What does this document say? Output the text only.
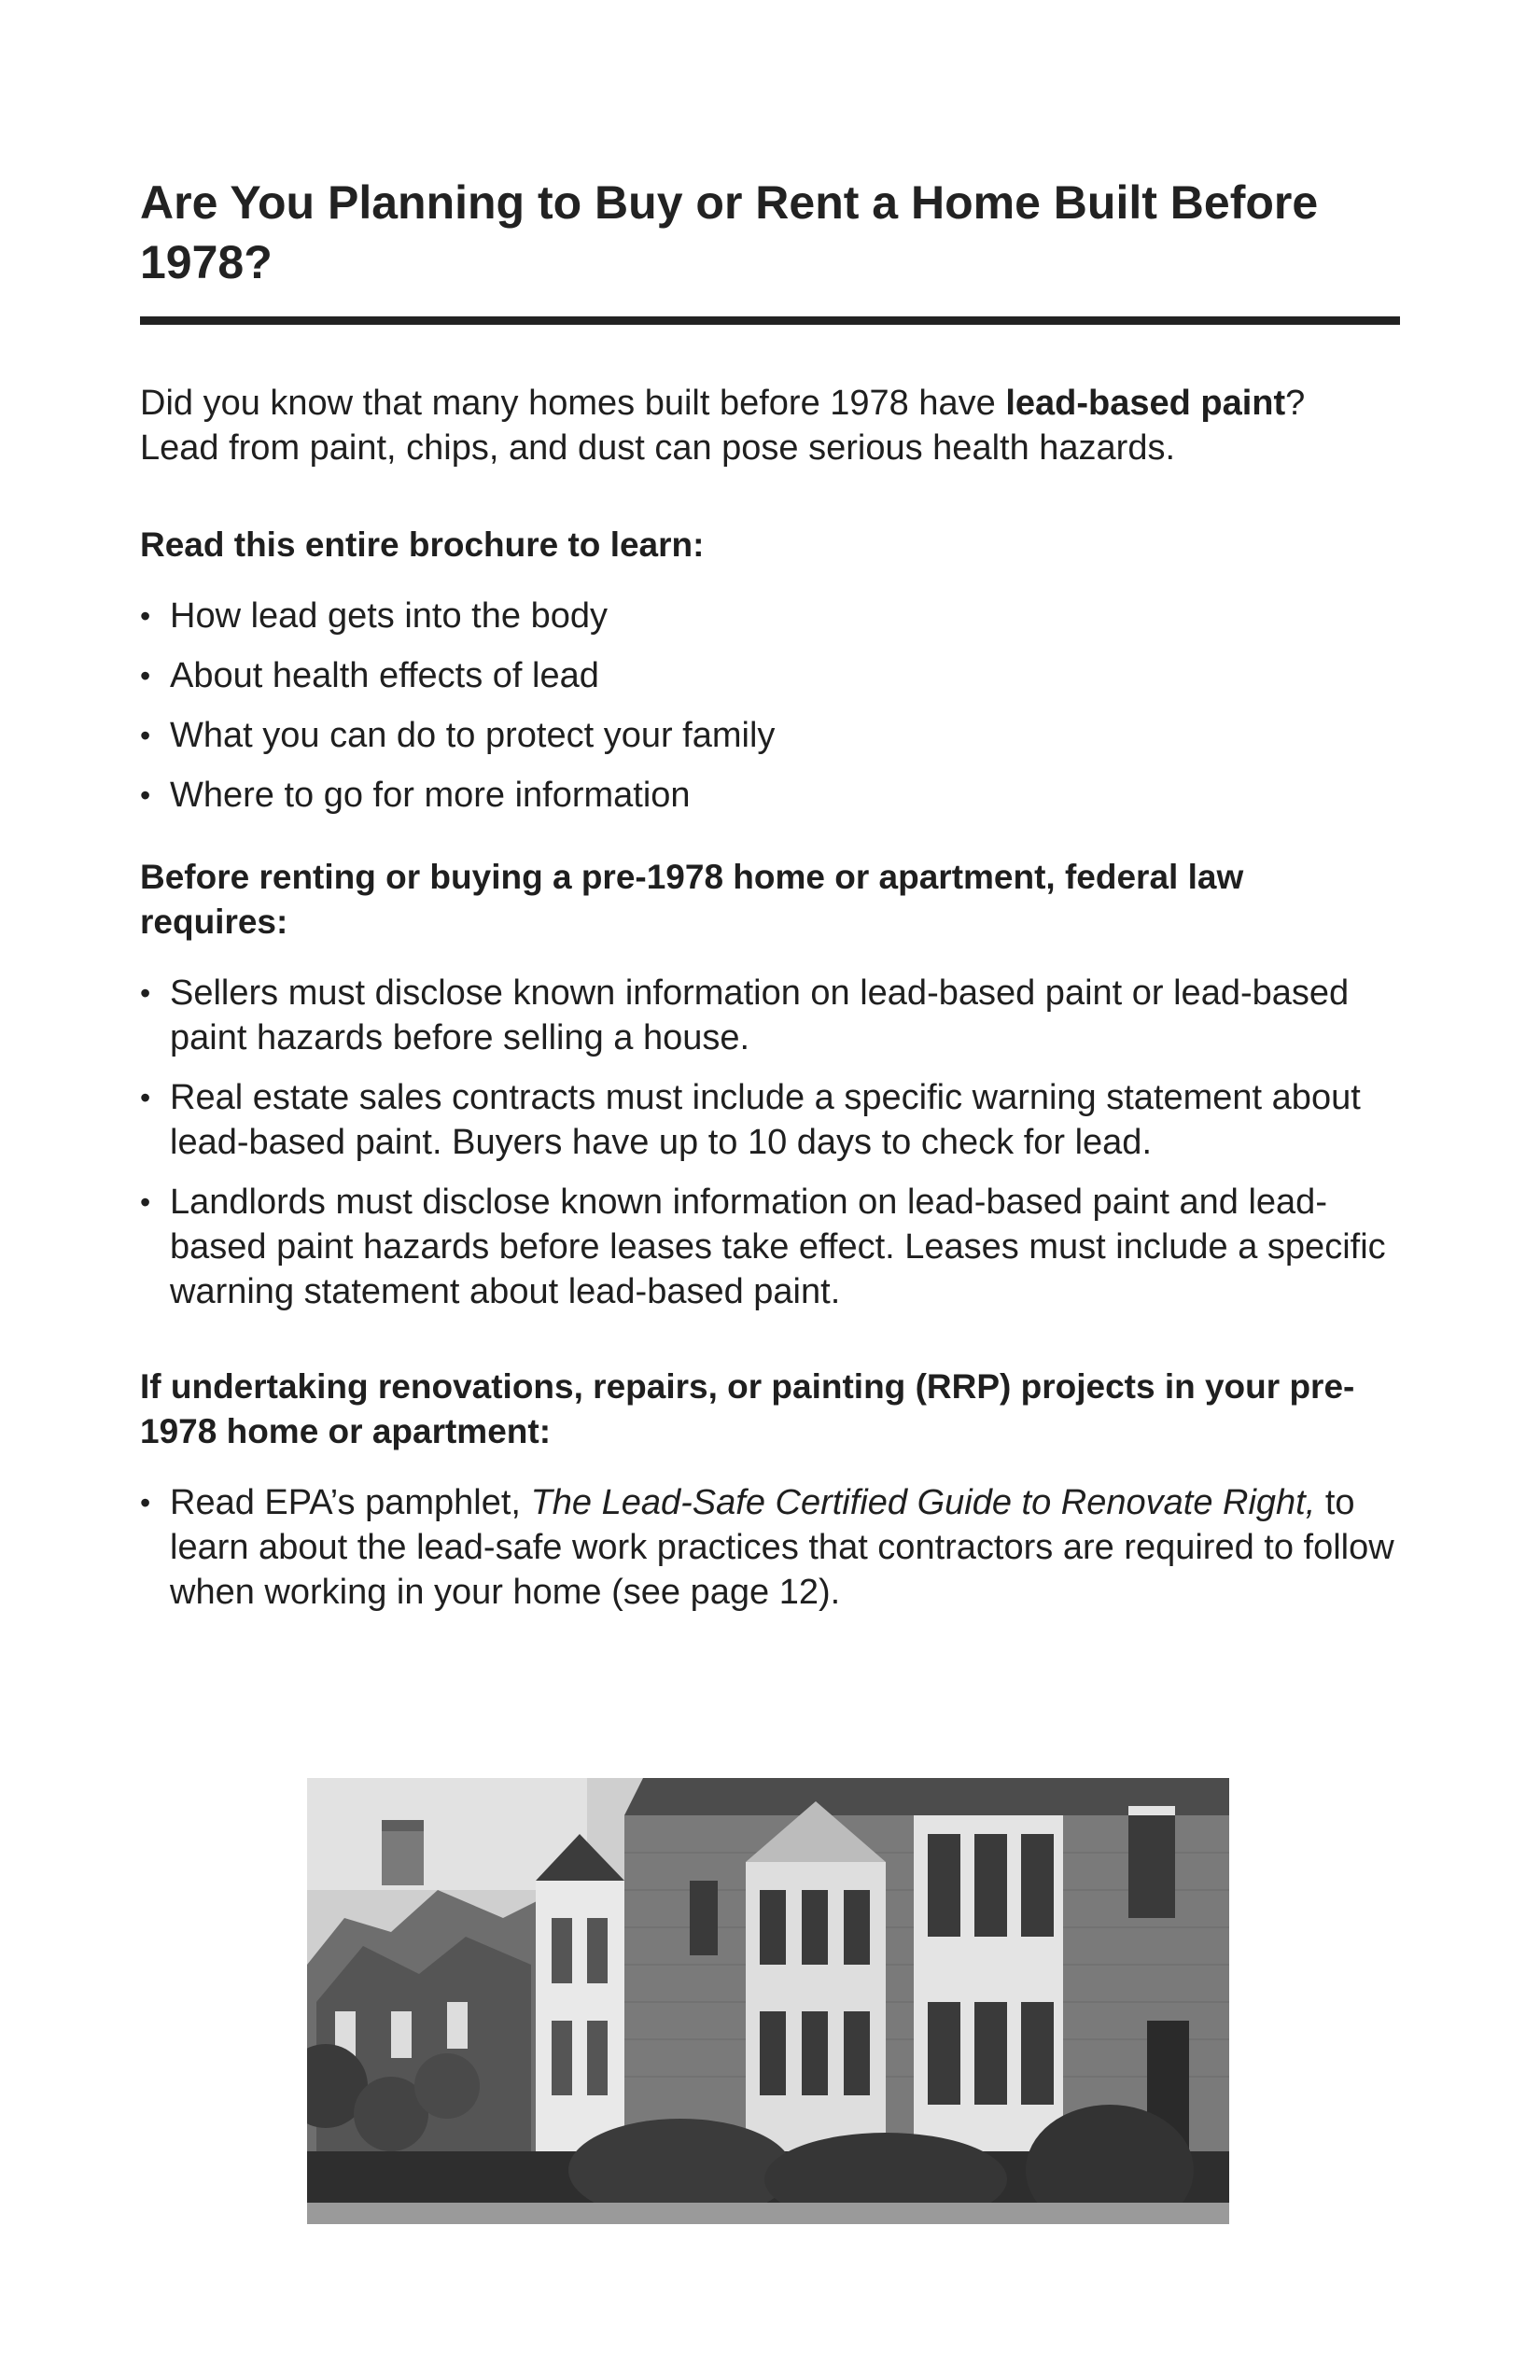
Are You Planning to Buy or Rent a Home Built Before 1978?

Did you know that many homes built before 1978 have lead-based paint? Lead from paint, chips, and dust can pose serious health hazards.

Read this entire brochure to learn:
• How lead gets into the body
• About health effects of lead
• What you can do to protect your family
• Where to go for more information
Before renting or buying a pre-1978 home or apartment, federal law requires:
• Sellers must disclose known information on lead-based paint or lead-based paint hazards before selling a house.
• Real estate sales contracts must include a specific warning statement about lead-based paint. Buyers have up to 10 days to check for lead.
• Landlords must disclose known information on lead-based paint and lead-based paint hazards before leases take effect. Leases must include a specific warning statement about lead-based paint.
If undertaking renovations, repairs, or painting (RRP) projects in your pre-1978 home or apartment:
• Read EPA’s pamphlet, The Lead-Safe Certified Guide to Renovate Right, to learn about the lead-safe work practices that contractors are required to follow when working in your home (see page 12).
